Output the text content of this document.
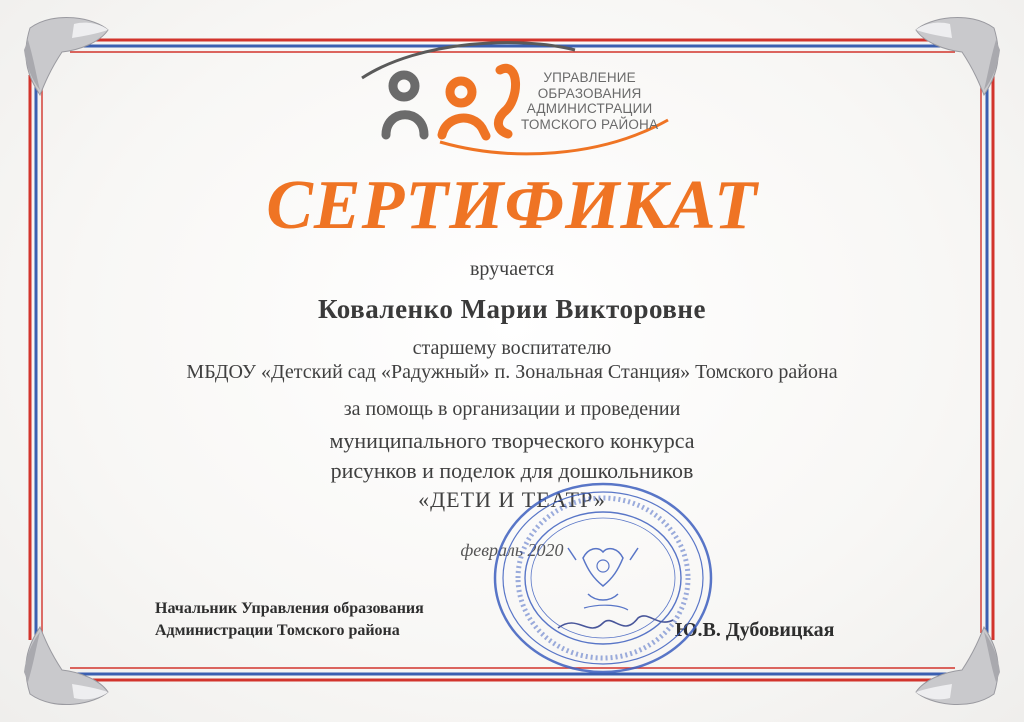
УПРАВЛЕНИЕ
ОБРАЗОВАНИЯ
АДМИНИСТРАЦИИ
ТОМСКОГО РАЙОНА
СЕРТИФИКАТ
вручается
Коваленко Марии Викторовне
старшему воспитателю
МБДОУ «Детский сад «Радужный» п. Зональная Станция» Томского района
за помощь в организации и проведении
муниципального творческого конкурса
рисунков и поделок для дошкольников
«ДЕТИ И ТЕАТР»
февраль 2020
Начальник Управления образования
Администрации Томского района	Ю.В. Дубовицкая
